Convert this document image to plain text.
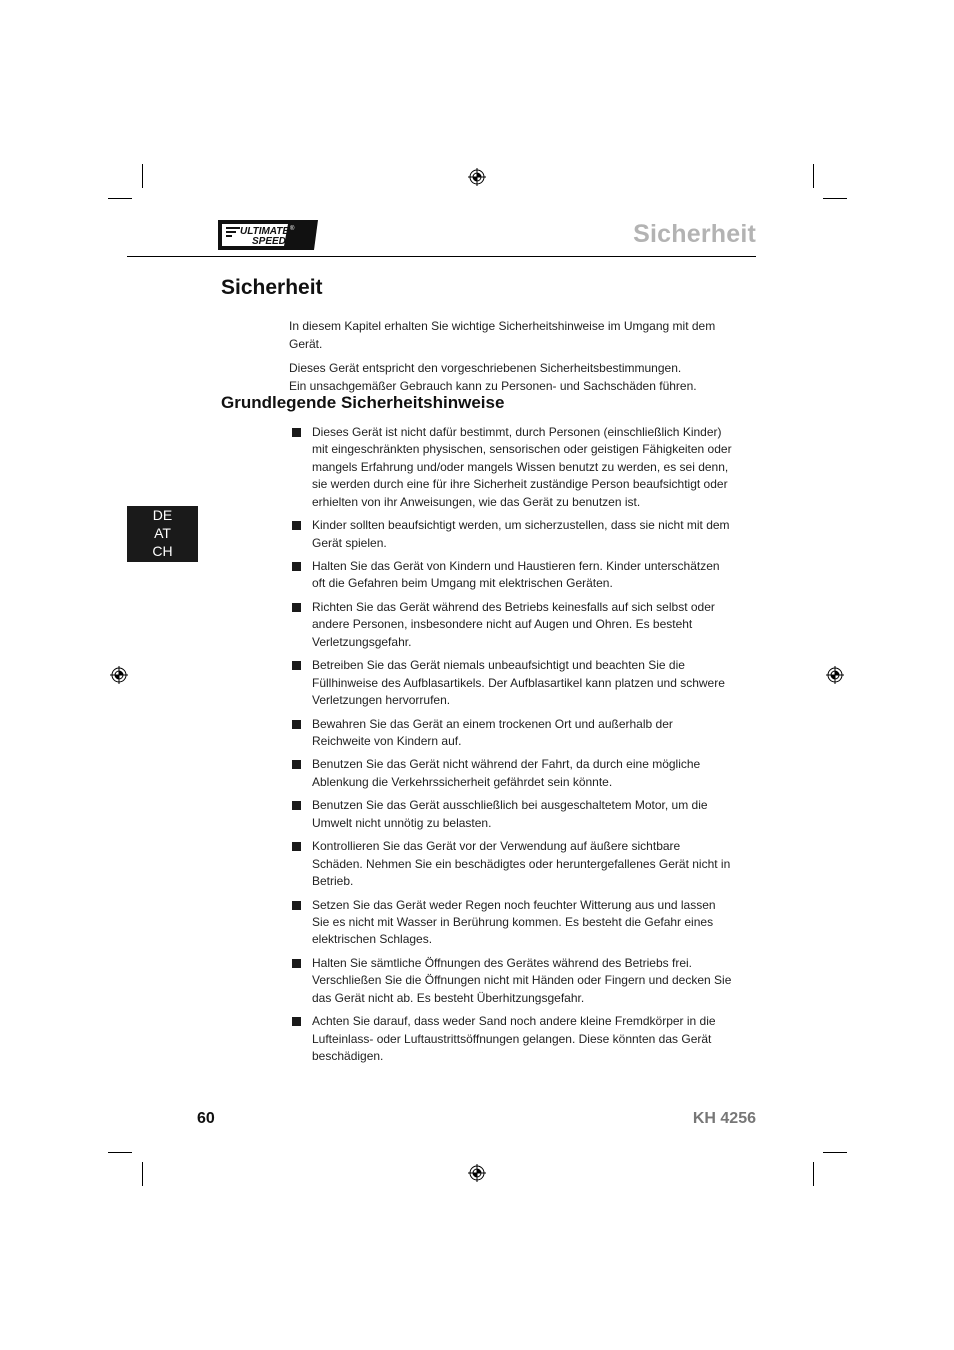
ULTIMATE
SPEED
®	Sicherheit
Sicherheit

In diesem Kapitel erhalten Sie wichtige Sicherheitshinweise im Umgang mit dem Gerät.

Dieses Gerät entspricht den vorgeschriebenen Sicherheitsbestimmungen.
Ein unsachgemäßer Gebrauch kann zu Personen- und Sachschäden führen.

Grundlegende Sicherheitshinweise
DE
AT
CH
Dieses Gerät ist nicht dafür bestimmt, durch Personen (einschließlich Kinder) mit eingeschränkten physischen, sensorischen oder geistigen Fähigkeiten oder mangels Erfahrung und/oder mangels Wissen benutzt zu werden, es sei denn, sie werden durch eine für ihre Sicherheit zuständige Person beaufsichtigt oder erhielten von ihr Anweisungen, wie das Gerät zu benutzen ist.
Kinder sollten beaufsichtigt werden, um sicherzustellen, dass sie nicht mit dem Gerät spielen.
Halten Sie das Gerät von Kindern und Haustieren fern. Kinder unterschätzen oft die Gefahren beim Umgang mit elektrischen Geräten.
Richten Sie das Gerät während des Betriebs keinesfalls auf sich selbst oder andere Personen, insbesondere nicht auf Augen und Ohren. Es besteht Verletzungsgefahr.
Betreiben Sie das Gerät niemals unbeaufsichtigt und beachten Sie die Füllhinweise des Aufblasartikels. Der Aufblasartikel kann platzen und schwere Verletzungen hervorrufen.
Bewahren Sie das Gerät an einem trockenen Ort und außerhalb der Reichweite von Kindern auf.
Benutzen Sie das Gerät nicht während der Fahrt, da durch eine mögliche Ablenkung die Verkehrssicherheit gefährdet sein könnte.
Benutzen Sie das Gerät ausschließlich bei ausgeschaltetem Motor, um die Umwelt nicht unnötig zu belasten.
Kontrollieren Sie das Gerät vor der Verwendung auf äußere sichtbare Schäden. Nehmen Sie ein beschädigtes oder heruntergefallenes Gerät nicht in Betrieb.
Setzen Sie das Gerät weder Regen noch feuchter Witterung aus und lassen Sie es nicht mit Wasser in Berührung kommen. Es besteht die Gefahr eines elektrischen Schlages.
Halten Sie sämtliche Öffnungen des Gerätes während des Betriebs frei. Verschließen Sie die Öffnungen nicht mit Händen oder Fingern und decken Sie das Gerät nicht ab. Es besteht Überhitzungsgefahr.
Achten Sie darauf, dass weder Sand noch andere kleine Fremdkörper in die Lufteinlass- oder Luftaustrittsöffnungen gelangen. Diese könnten das Gerät beschädigen.
60	KH 4256
